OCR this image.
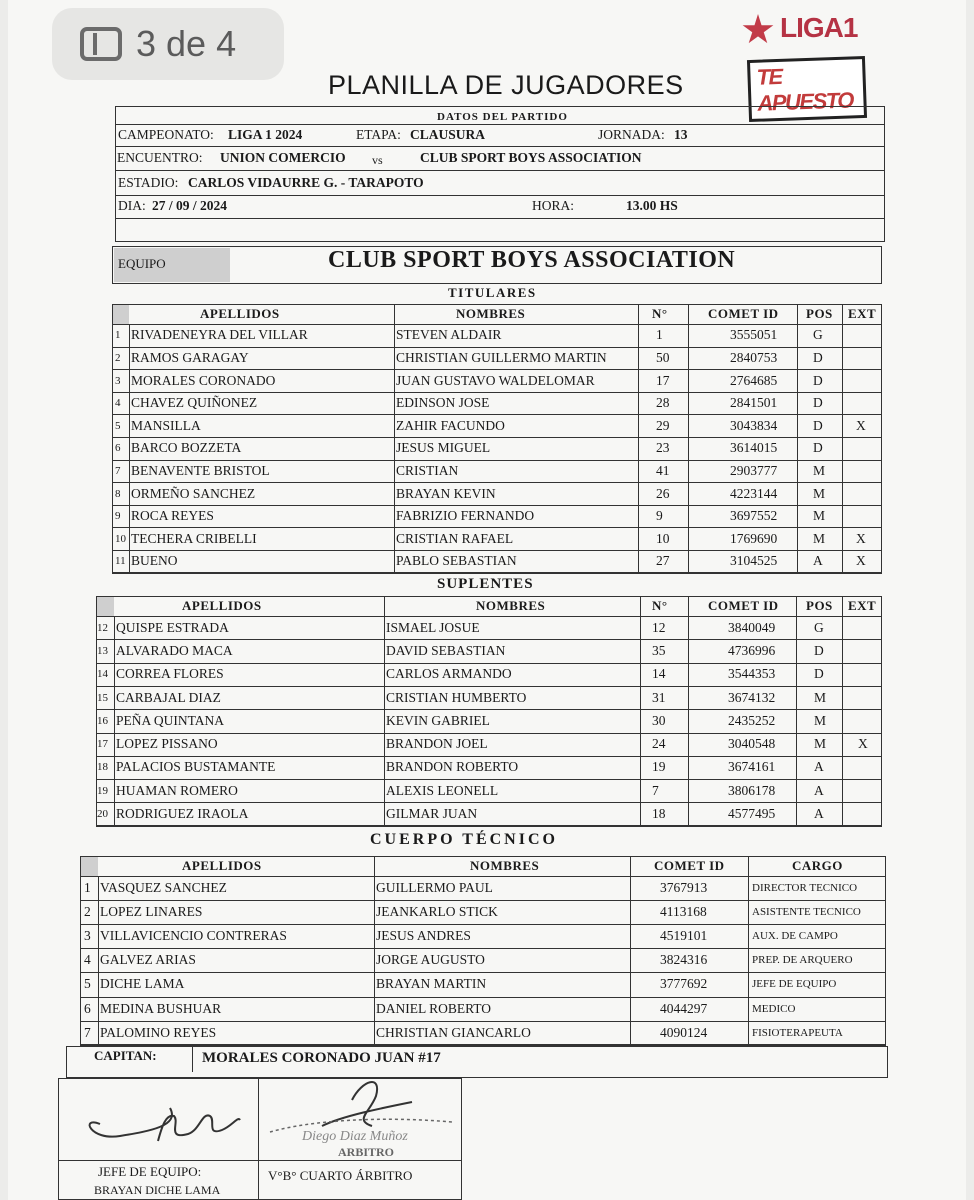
3 de 4
PLANILLA DE JUGADORES
LIGA1
TE APUESTO
DATOS DEL PARTIDO
CAMPEONATO: LIGA 1 2024	ETAPA: CLAUSURA	JORNADA: 13
ENCUENTRO: UNION COMERCIO vs	CLUB SPORT BOYS ASSOCIATION
ESTADIO: CARLOS VIDAURRE G. - TARAPOTO
DIA: 27 / 09 / 2024	HORA:	13.00 HS
EQUIPO	CLUB SPORT BOYS ASSOCIATION
TITULARES
APELLIDOS	NOMBRES	N°	COMET ID POS EXT
1 RIVADENEYRA DEL VILLAR	STEVEN ALDAIR	1	3555051	G
2 RAMOS GARAGAY	CHRISTIAN GUILLERMO MARTIN	50	2840753	D
3 MORALES CORONADO	JUAN GUSTAVO WALDELOMAR	17	2764685	D
4 CHAVEZ QUIÑONEZ	EDINSON JOSE	28	2841501	D
5 MANSILLA	ZAHIR FACUNDO	29	3043834	D X
6 BARCO BOZZETA	JESUS MIGUEL	23	3614015	D
7 BENAVENTE BRISTOL	CRISTIAN	41	2903777	M
8 ORMEÑO SANCHEZ	BRAYAN KEVIN	26	4223144	M
9 ROCA REYES	FABRIZIO FERNANDO	9	3697552	M
10 TECHERA CRIBELLI	CRISTIAN RAFAEL	10	1769690	M X
11 BUENO	PABLO SEBASTIAN	27	3104525	A X
SUPLENTES
APELLIDOS	NOMBRES	N°	COMET ID POS EXT
12 QUISPE ESTRADA	ISMAEL JOSUE	12	3840049	G
13 ALVARADO MACA	DAVID SEBASTIAN	35	4736996	D
14 CORREA FLORES	CARLOS ARMANDO	14	3544353	D
15 CARBAJAL DIAZ	CRISTIAN HUMBERTO	31	3674132	M
16 PEÑA QUINTANA	KEVIN GABRIEL	30	2435252	M
17 LOPEZ PISSANO	BRANDON JOEL	24	3040548	M X
18 PALACIOS BUSTAMANTE	BRANDON ROBERTO	19	3674161	A
19 HUAMAN ROMERO	ALEXIS LEONELL	7	3806178	A
20 RODRIGUEZ IRAOLA	GILMAR JUAN	18	4577495	A
CUERPO TÉCNICO
APELLIDOS	NOMBRES	COMET ID	CARGO
1 VASQUEZ SANCHEZ	GUILLERMO PAUL	3767913	DIRECTOR TECNICO
2 LOPEZ LINARES	JEANKARLO STICK	4113168	ASISTENTE TECNICO
3 VILLAVICENCIO CONTRERAS	JESUS ANDRES	4519101	AUX. DE CAMPO
4 GALVEZ ARIAS	JORGE AUGUSTO	3824316	PREP. DE ARQUERO
5 DICHE LAMA	BRAYAN MARTIN	3777692	JEFE DE EQUIPO
6 MEDINA BUSHUAR	DANIEL ROBERTO	4044297	MEDICO
7 PALOMINO REYES	CHRISTIAN GIANCARLO	4090124	FISIOTERAPEUTA
CAPITAN:	MORALES CORONADO JUAN #17
Diego Diaz Muñoz
ARBITRO
JEFE DE EQUIPO:
BRAYAN DICHE LAMA
V°B° CUARTO ÁRBITRO
